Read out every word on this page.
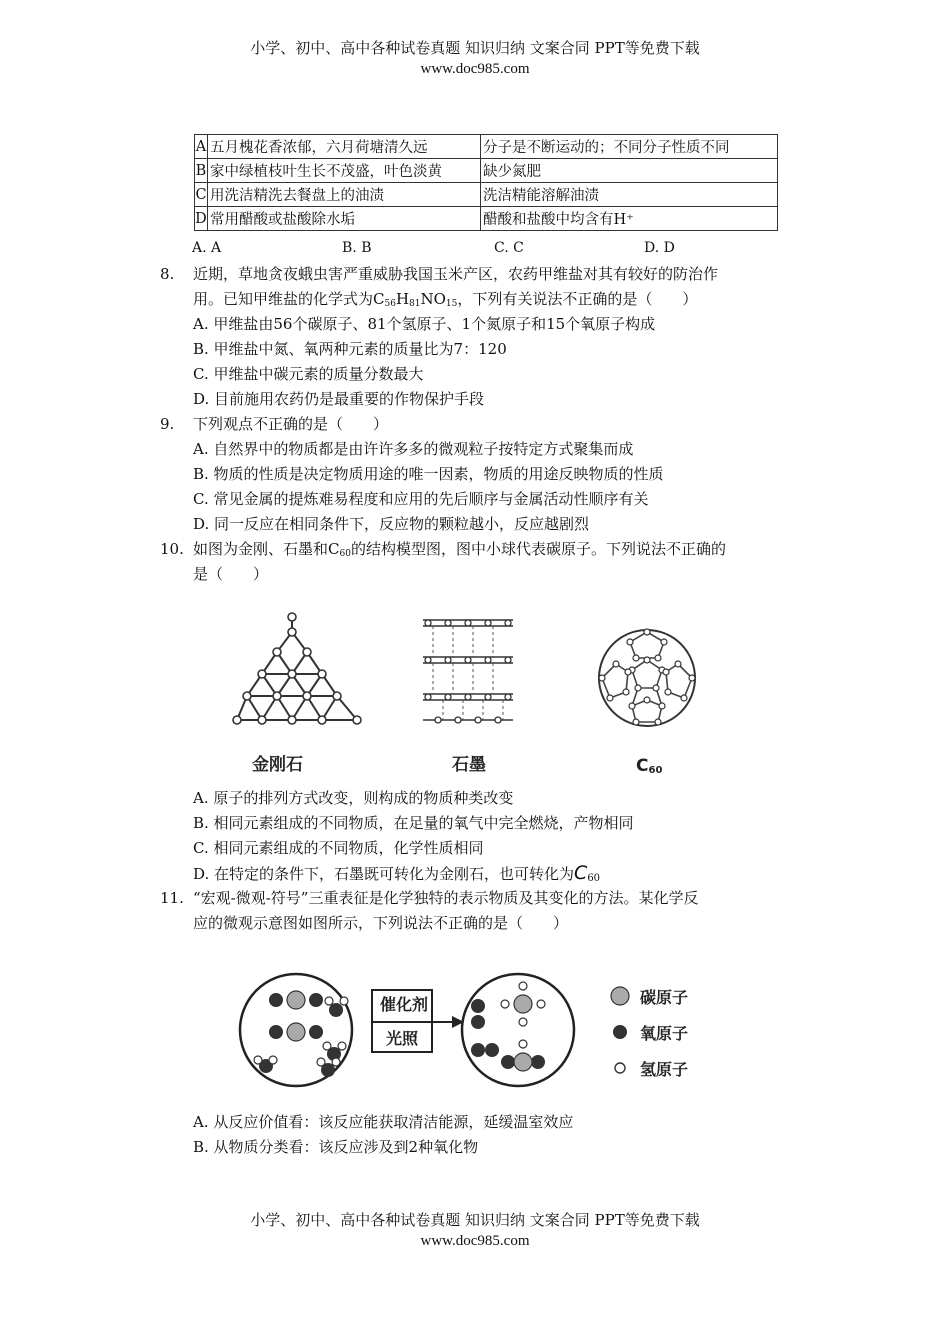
小学、初中、高中各种试卷真题 知识归纳 文案合同 PPT等免费下载
www.doc985.com
A	五月槐花香浓郁，六月荷塘清久远	分子是不断运动的；不同分子性质不同
B	家中绿植枝叶生长不茂盛，叶色淡黄	缺少氮肥
C	用洗洁精洗去餐盘上的油渍	洗洁精能溶解油渍
D	常用醋酸或盐酸除水垢	醋酸和盐酸中均含有H⁺
A. A	B. B	C. C	D. D
8. 近期，草地贪夜蛾虫害严重威胁我国玉米产区，农药甲维盐对其有较好的防治作
用。已知甲维盐的化学式为$C_{56}H_{81}NO_{15}$，下列有关说法不正确的是（　　）
A. 甲维盐由56个碳原子、81个氢原子、1个氮原子和15个氧原子构成
B. 甲维盐中氮、氧两种元素的质量比为7：120
C. 甲维盐中碳元素的质量分数最大
D. 目前施用农药仍是最重要的作物保护手段
9. 下列观点不正确的是（　　）
A. 自然界中的物质都是由许许多多的微观粒子按特定方式聚集而成
B. 物质的性质是决定物质用途的唯一因素，物质的用途反映物质的性质
C. 常见金属的提炼难易程度和应用的先后顺序与金属活动性顺序有关
D. 同一反应在相同条件下，反应物的颗粒越小，反应越剧烈
10. 如图为金刚、石墨和$C_{60}$的结构模型图，图中小球代表碳原子。下列说法不正确的
是（　　）
金刚石	石墨	$C_{60}$
A. 原子的排列方式改变，则构成的物质种类改变
B. 相同元素组成的不同物质，在足量的氧气中完全燃烧，产物相同
C. 相同元素组成的不同物质，化学性质相同
D. 在特定的条件下，石墨既可转化为金刚石，也可转化为$C_{60}$
11. “宏观-微观-符号”三重表征是化学独特的表示物质及其变化的方法。某化学反
应的微观示意图如图所示，下列说法不正确的是（　　）
催化剂
光照
碳原子
氧原子
氢原子
A. 从反应价值看：该反应能获取清洁能源，延缓温室效应
B. 从物质分类看：该反应涉及到2种氧化物
小学、初中、高中各种试卷真题 知识归纳 文案合同 PPT等免费下载
www.doc985.com
